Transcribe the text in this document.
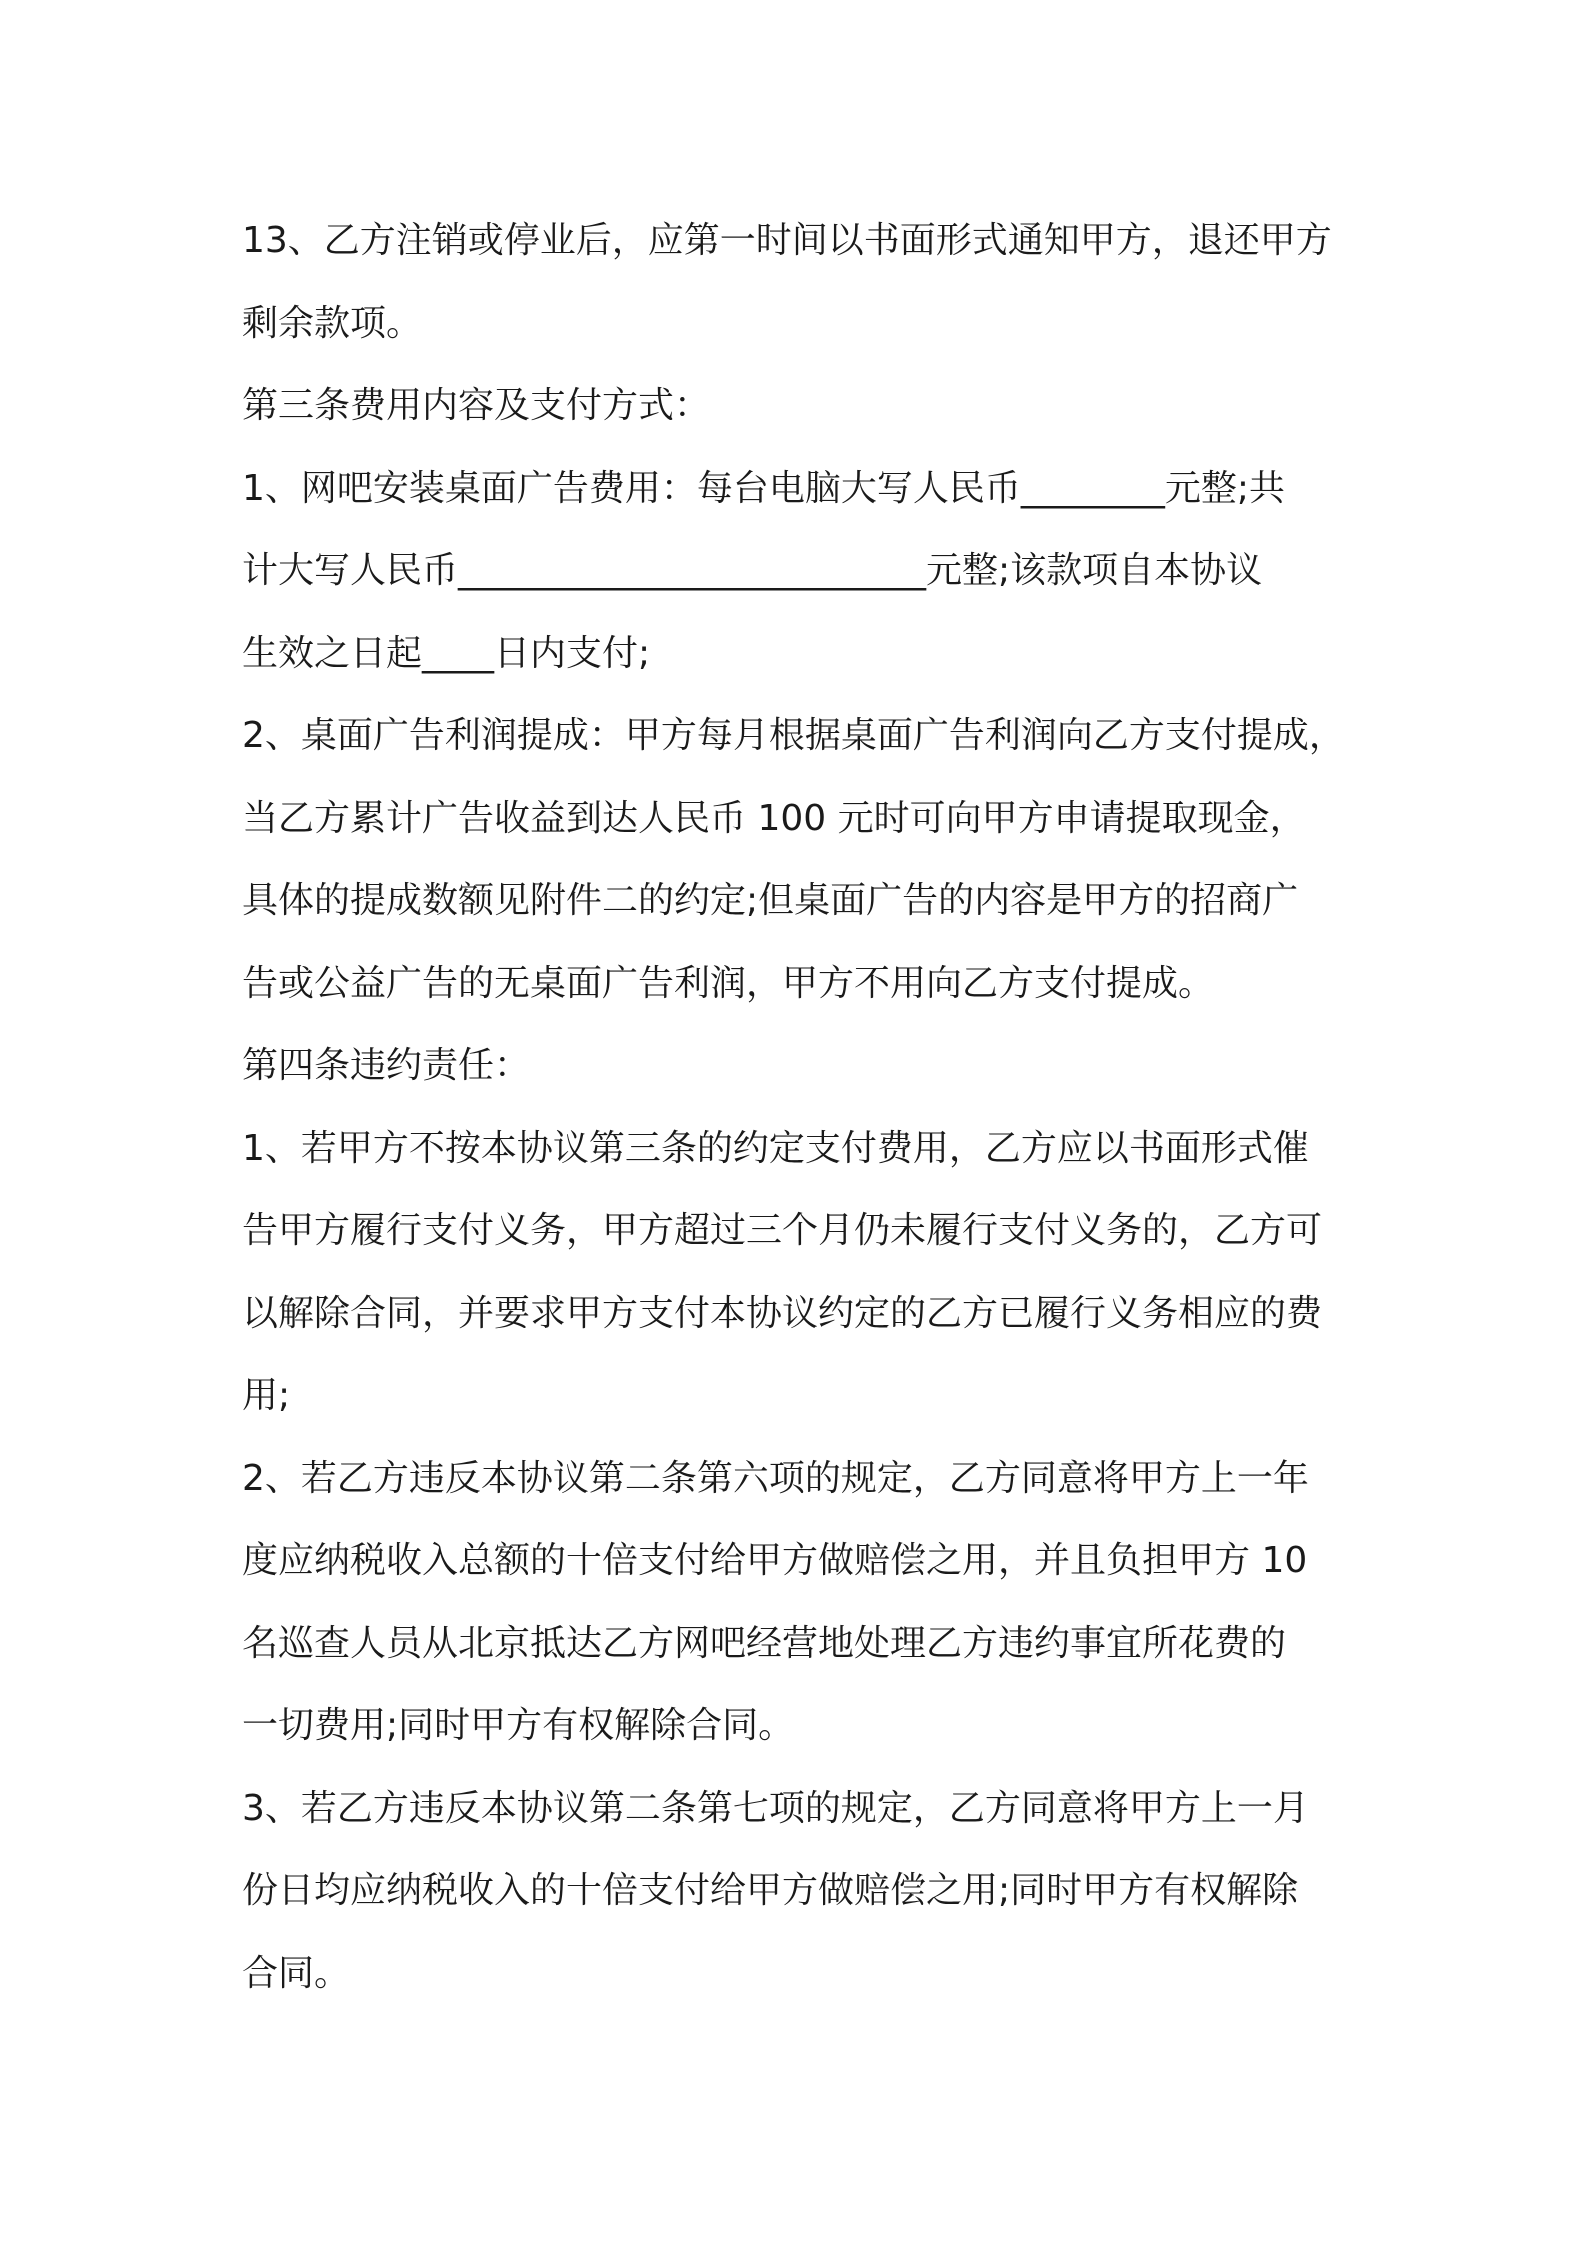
13、乙方注销或停业后，应第一时间以书面形式通知甲方，退还甲方
剩余款项。
第三条费用内容及支付方式：
1、网吧安装桌面广告费用：每台电脑大写人民币________元整;共
计大写人民币__________________________元整;该款项自本协议
生效之日起____日内支付;
2、桌面广告利润提成：甲方每月根据桌面广告利润向乙方支付提成，
当乙方累计广告收益到达人民币 100 元时可向甲方申请提取现金，
具体的提成数额见附件二的约定;但桌面广告的内容是甲方的招商广
告或公益广告的无桌面广告利润，甲方不用向乙方支付提成。
第四条违约责任：
1、若甲方不按本协议第三条的约定支付费用，乙方应以书面形式催
告甲方履行支付义务，甲方超过三个月仍未履行支付义务的，乙方可
以解除合同，并要求甲方支付本协议约定的乙方已履行义务相应的费
用;
2、若乙方违反本协议第二条第六项的规定，乙方同意将甲方上一年
度应纳税收入总额的十倍支付给甲方做赔偿之用，并且负担甲方 10
名巡查人员从北京抵达乙方网吧经营地处理乙方违约事宜所花费的
一切费用;同时甲方有权解除合同。
3、若乙方违反本协议第二条第七项的规定，乙方同意将甲方上一月
份日均应纳税收入的十倍支付给甲方做赔偿之用;同时甲方有权解除
合同。
